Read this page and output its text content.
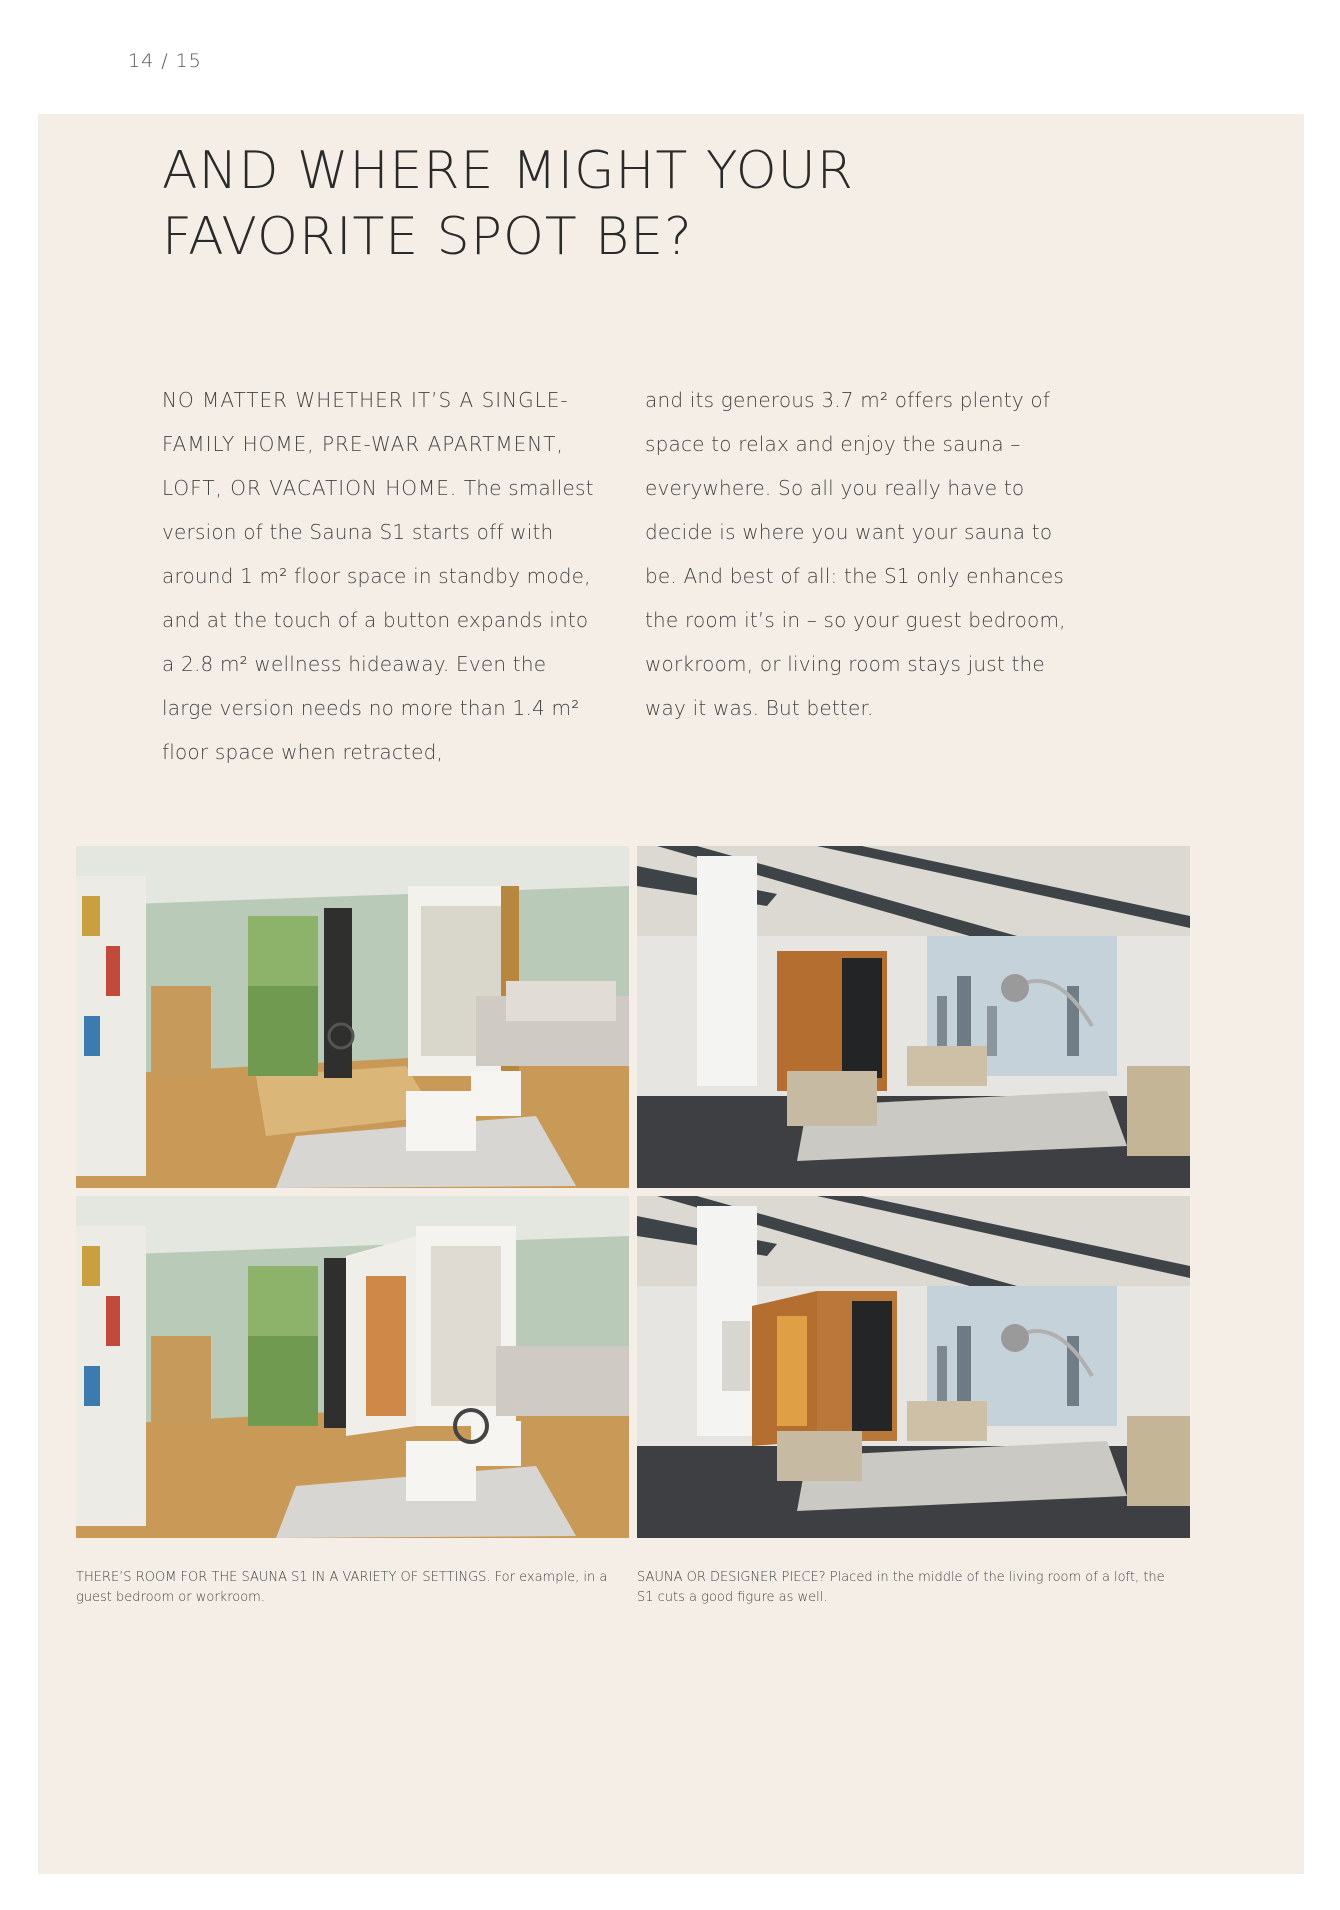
14 / 15
AND WHERE MIGHT YOUR
FAVORITE SPOT BE?

NO MATTER WHETHER IT’S A SINGLE-FAMILY HOME, PRE-WAR APARTMENT, LOFT, OR VACATION HOME. The smallest version of the Sauna S1 starts off with around 1 m² floor space in standby mode, and at the touch of a button expands into a 2.8 m² wellness hideaway. Even the large version needs no more than 1.4 m² floor space when retracted,

and its generous 3.7 m² offers plenty of space to relax and enjoy the sauna – everywhere. So all you really have to decide is where you want your sauna to be. And best of all: the S1 only enhances the room it’s in – so your guest bedroom, workroom, or living room stays just the way it was. But better.

THERE’S ROOM FOR THE SAUNA S1 IN A VARIETY OF SETTINGS. For example, in a guest bedroom or workroom.

SAUNA OR DESIGNER PIECE? Placed in the middle of the living room of a loft, the S1 cuts a good figure as well.
